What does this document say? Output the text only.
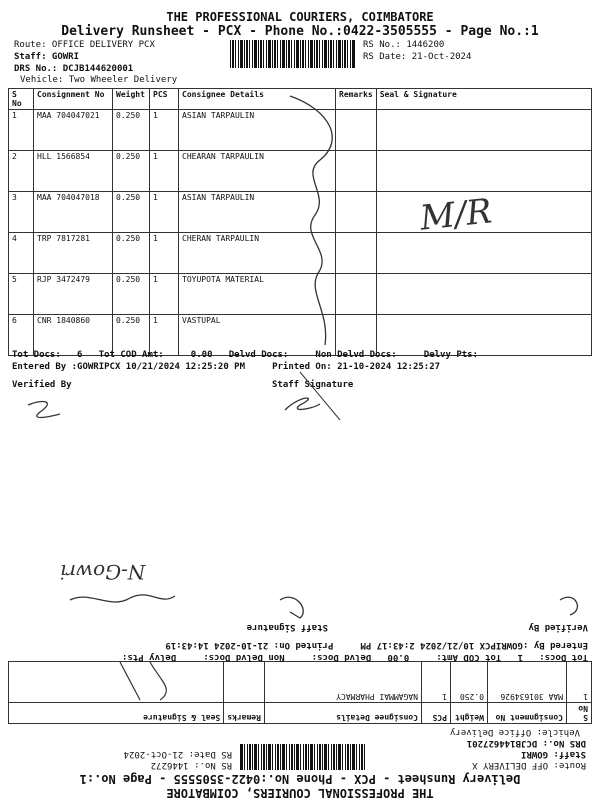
THE PROFESSIONAL COURIERS, COIMBATORE
Delivery Runsheet - PCX - Phone No.:0422-3505555 - Page No.:1
Route: OFFICE DELIVERY PCX
Staff: GOWRI
DRS No.: DCJB144620001
Vehicle: Two Wheeler Delivery
RS No.: 1446200
RS Date: 21-Oct-2024
S No	Consignment No	Weight	PCS	Consignee Details	Remarks	Seal & Signature
1	MAA 704047021	0.250	1	ASIAN TARPAULIN		
2	HLL 1566854	0.250	1	CHEARAN TARPAULIN		
3	MAA 704047018	0.250	1	ASIAN TARPAULIN		
4	TRP 7817281	0.250	1	CHERAN TARPAULIN		
5	RJP 3472479	0.250	1	TOYUPOTA MATERIAL		
6	CNR 1840860	0.250	1	VASTUPAL		
Tot Docs:   6   Tot COD Amt:     0.00   Delvd Docs:     Non Delvd Docs:     Delvy Pts:
Entered By :GOWRIPCX 10/21/2024 12:25:20 PM     Printed On: 21-10-2024 12:25:27
Verified By	Staff Signature
M/R
THE PROFESSIONAL COURIERS, COIMBATORE
Delivery Runsheet - PCX - Phone No.:0422-3505555 - Page No.:1
Route: OFF DELIVERY X
Staff: GOWRI
DRS No.: DCJB144627201
Vehicle: Office Delivery
RS No.: 1446272
RS Date: 21-Oct-2024
S No	Consignment No	Weight	PCS	Consignee Details	Remarks	Seal & Signature
1	MAA 301634926	0.250	1	NAGAMMAI PHARMACY		
Tot Docs:   1   Tot COD Amt:     0.00   Delvd Docs:     Non Delvd Docs:     Delvy Pts:
Entered By :GOWRIPCX 10/21/2024 2:43:17 PM     Printed On: 21-10-2024 14:43:19
Verified By
Staff Signature
N-Gowri
